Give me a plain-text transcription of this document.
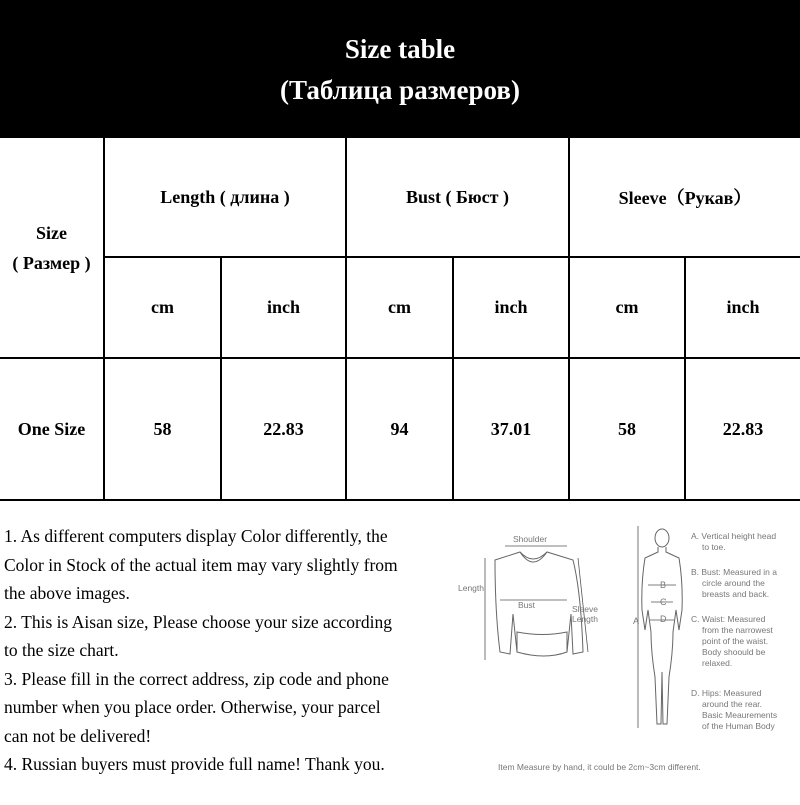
Size table
(Таблица размеров)
Size
( Размер )
Length ( длина )	Bust ( Бюст )	Sleeve（Рукав）
cm	inch	cm	inch	cm	inch
One Size	58	22.83	94	37.01	58	22.83
1. As different computers display Color differently, the
Color in Stock of the actual item may vary slightly from
the above images.
2. This is Aisan size, Please choose your size according
to the size chart.
3. Please fill in the correct address, zip code and phone
number when you place order. Otherwise, your parcel
can not be delivered!
4. Russian buyers must provide full name! Thank you.
Shoulder
Length
Bust	Sleeve
Length	A
B
C
D
A. Vertical height head
to toe.
B. Bust: Measured in a
circle around the
breasts and back.
C. Waist: Measured
from the narrowest
point of the waist.
Body shoould be
relaxed.
D. Hips: Measured
around the rear.
Basic Meaurements
of the Human Body
Item Measure by hand, it could be 2cm~3cm different.
